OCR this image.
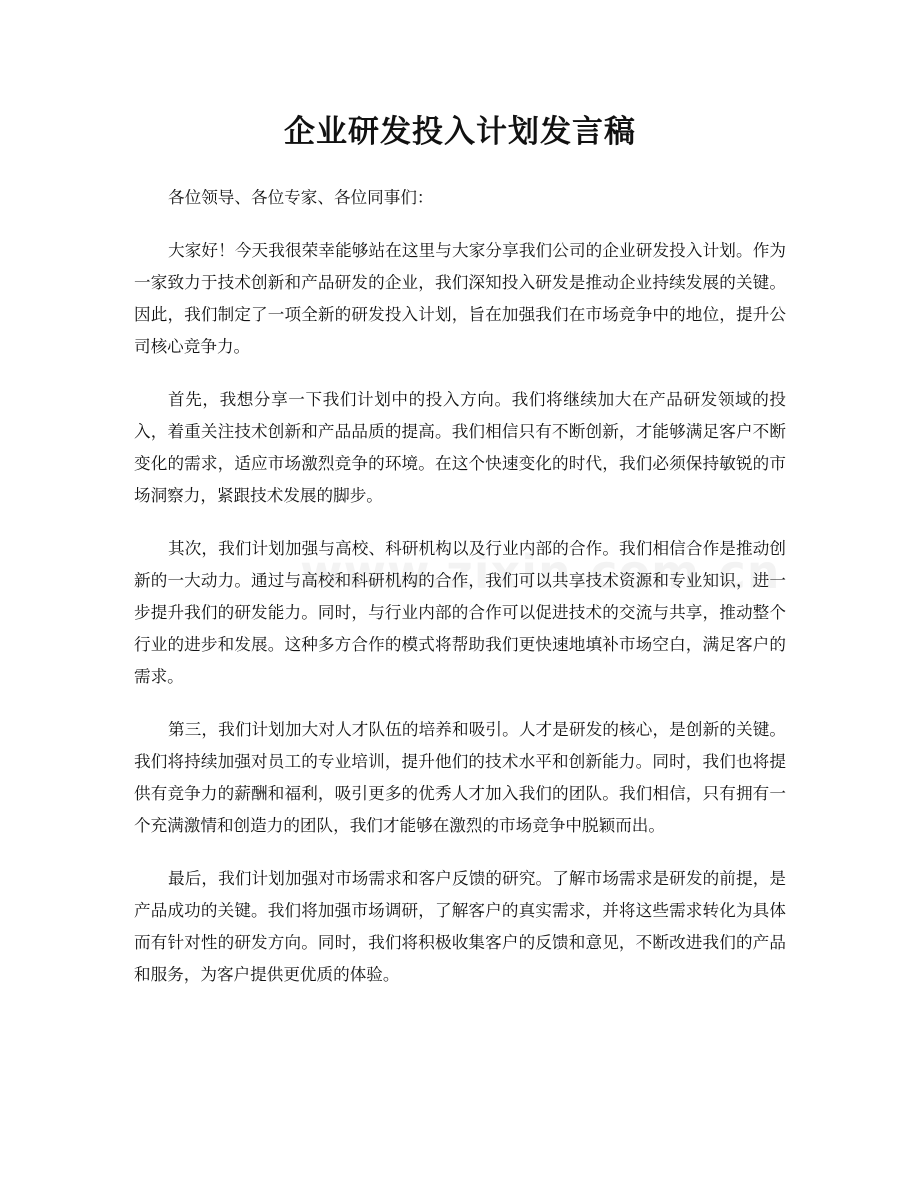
企业研发投入计划发言稿

各位领导、各位专家、各位同事们：

大家好！今天我很荣幸能够站在这里与大家分享我们公司的企业研发投入计划。作为一家致力于技术创新和产品研发的企业，我们深知投入研发是推动企业持续发展的关键。因此，我们制定了一项全新的研发投入计划，旨在加强我们在市场竞争中的地位，提升公司核心竞争力。

首先，我想分享一下我们计划中的投入方向。我们将继续加大在产品研发领域的投入，着重关注技术创新和产品品质的提高。我们相信只有不断创新，才能够满足客户不断变化的需求，适应市场激烈竞争的环境。在这个快速变化的时代，我们必须保持敏锐的市场洞察力，紧跟技术发展的脚步。

其次，我们计划加强与高校、科研机构以及行业内部的合作。我们相信合作是推动创新的一大动力。通过与高校和科研机构的合作，我们可以共享技术资源和专业知识，进一步提升我们的研发能力。同时，与行业内部的合作可以促进技术的交流与共享，推动整个行业的进步和发展。这种多方合作的模式将帮助我们更快速地填补市场空白，满足客户的需求。

第三，我们计划加大对人才队伍的培养和吸引。人才是研发的核心，是创新的关键。我们将持续加强对员工的专业培训，提升他们的技术水平和创新能力。同时，我们也将提供有竞争力的薪酬和福利，吸引更多的优秀人才加入我们的团队。我们相信，只有拥有一个充满激情和创造力的团队，我们才能够在激烈的市场竞争中脱颖而出。

最后，我们计划加强对市场需求和客户反馈的研究。了解市场需求是研发的前提，是产品成功的关键。我们将加强市场调研，了解客户的真实需求，并将这些需求转化为具体而有针对性的研发方向。同时，我们将积极收集客户的反馈和意见，不断改进我们的产品和服务，为客户提供更优质的体验。
